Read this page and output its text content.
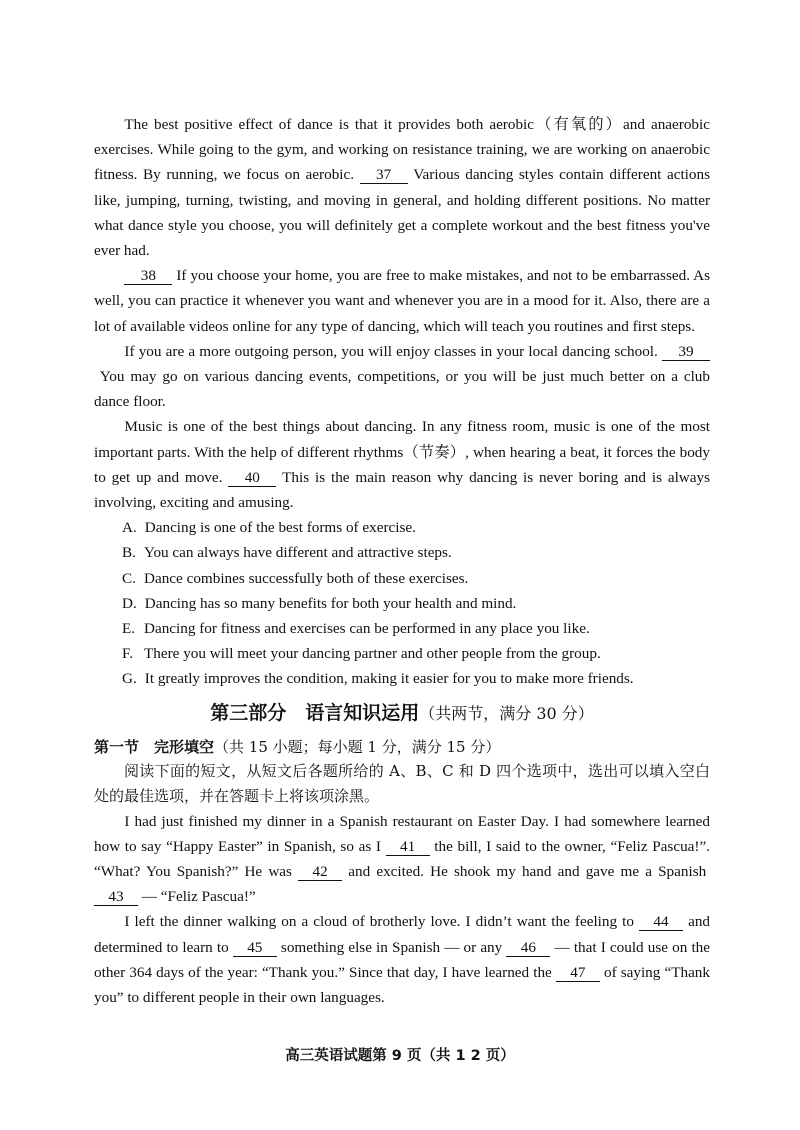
The best positive effect of dance is that it provides both aerobic（有氧的）and anaerobic exercises. While going to the gym, and working on resistance training, we are working on anaerobic fitness. By running, we focus on aerobic. 37 Various dancing styles contain different actions like, jumping, turning, twisting, and moving in general, and holding different positions. No matter what dance style you choose, you will definitely get a complete workout and the best fitness you've ever had.

38 If you choose your home, you are free to make mistakes, and not to be embarrassed. As well, you can practice it whenever you want and whenever you are in a mood for it. Also, there are a lot of available videos online for any type of dancing, which will teach you routines and first steps.

If you are a more outgoing person, you will enjoy classes in your local dancing school. 39 You may go on various dancing events, competitions, or you will be just much better on a club dance floor.

Music is one of the best things about dancing. In any fitness room, music is one of the most important parts. With the help of different rhythms（节奏）, when hearing a beat, it forces the body to get up and move. 40 This is the main reason why dancing is never boring and is always involving, exciting and amusing.

A. Dancing is one of the best forms of exercise.
B. You can always have different and attractive steps.
C. Dance combines successfully both of these exercises.
D. Dancing has so many benefits for both your health and mind.
E. Dancing for fitness and exercises can be performed in any place you like.
F. There you will meet your dancing partner and other people from the group.
G. It greatly improves the condition, making it easier for you to make more friends.
第三部分　语言知识运用（共两节，满分 30 分）

第一节　完形填空（共 15 小题；每小题 1 分，满分 15 分）

阅读下面的短文，从短文后各题所给的 A、B、C 和 D 四个选项中，选出可以填入空白处的最佳选项，并在答题卡上将该项涂黑。

I had just finished my dinner in a Spanish restaurant on Easter Day. I had somewhere learned how to say “Happy Easter” in Spanish, so as I 41 the bill, I said to the owner, “Feliz Pascua!”. “What? You Spanish?” He was 42 and excited. He shook my hand and gave me a Spanish 43 — “Feliz Pascua!”

I left the dinner walking on a cloud of brotherly love. I didn’t want the feeling to 44 and determined to learn to 45 something else in Spanish — or any 46 — that I could use on the other 364 days of the year: “Thank you.” Since that day, I have learned the 47 of saying “Thank you” to different people in their own languages.

高三英语试题第 9 页（共 1 2 页）
